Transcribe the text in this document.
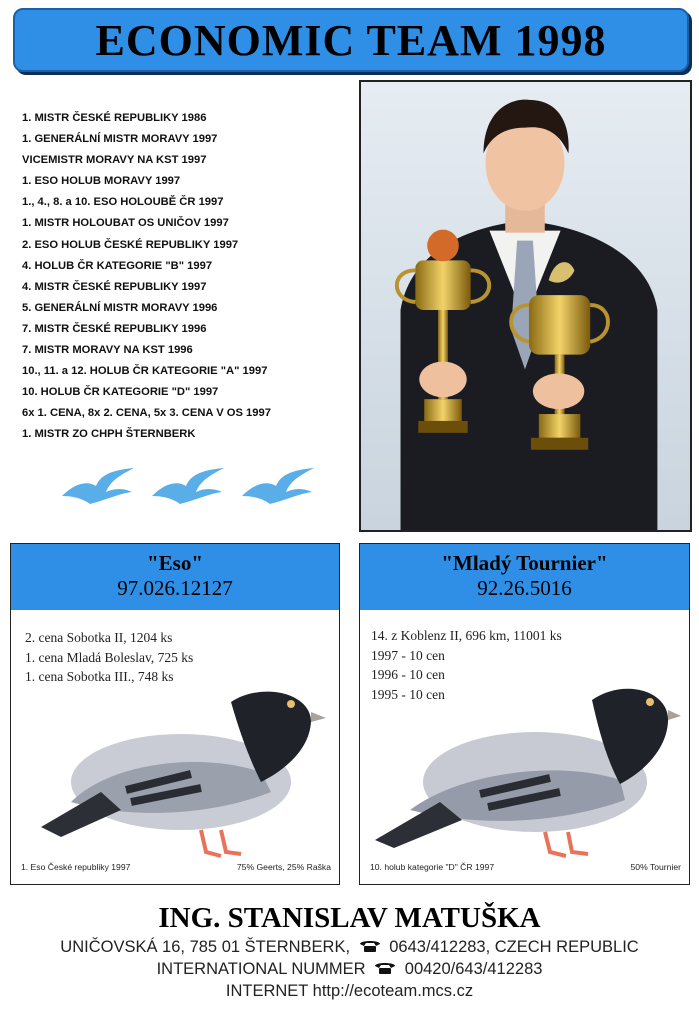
ECONOMIC TEAM 1998
1. MISTR ČESKÉ REPUBLIKY 1986
1. GENERÁLNÍ MISTR MORAVY 1997
VICEMISTR MORAVY NA KST 1997
1. ESO HOLUB MORAVY 1997
1., 4., 8. a 10. ESO HOLOUBĚ ČR 1997
1. MISTR HOLOUBAT OS UNIČOV 1997
2. ESO HOLUB ČESKÉ REPUBLIKY 1997
4. HOLUB ČR KATEGORIE "B" 1997
4. MISTR ČESKÉ REPUBLIKY 1997
5. GENERÁLNÍ MISTR MORAVY 1996
7. MISTR ČESKÉ REPUBLIKY 1996
7. MISTR MORAVY NA KST 1996
10., 11. a 12. HOLUB ČR KATEGORIE "A" 1997
10. HOLUB ČR KATEGORIE "D" 1997
6x 1. CENA, 8x 2. CENA, 5x 3. CENA V OS 1997
1. MISTR ZO CHPH ŠTERNBERK
"Eso"
97.026.12127
2. cena Sobotka II, 1204 ks
1. cena Mladá Boleslav, 725 ks
1. cena Sobotka III., 748 ks
1. Eso České republiky 1997	75% Geerts, 25% Raška
"Mladý Tournier"
92.26.5016
14. z Koblenz II, 696 km, 11001 ks
1997 - 10 cen
1996 - 10 cen
1995 - 10 cen
10. holub kategorie "D" ČR 1997	50% Tournier
ING. STANISLAV MATUŠKA
UNIČOVSKÁ 16, 785 01 ŠTERNBERK, 0643/412283, CZECH REPUBLIC
INTERNATIONAL NUMMER 00420/643/412283
INTERNET http://ecoteam.mcs.cz
